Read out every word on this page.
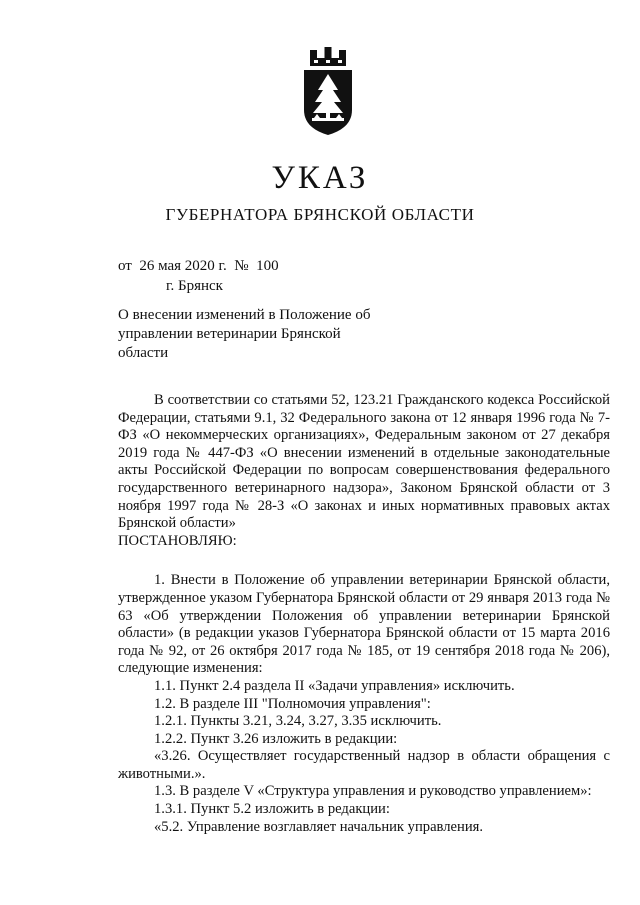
УКАЗ
ГУБЕРНАТОРА БРЯНСКОЙ ОБЛАСТИ
от 26 мая 2020 г. № 100
г. Брянск
О внесении изменений в Положение об управлении ветеринарии Брянской области

В соответствии со статьями 52, 123.21 Гражданского кодекса Российской Федерации, статьями 9.1, 32 Федерального закона от 12 января 1996 года № 7-ФЗ «О некоммерческих организациях», Федеральным законом от 27 декабря 2019 года № 447-ФЗ «О внесении изменений в отдельные законодательные акты Российской Федерации по вопросам совершенствования федерального государственного ветеринарного надзора», Законом Брянской области от 3 ноября 1997 года № 28-З «О законах и иных нормативных правовых актах Брянской области»

ПОСТАНОВЛЯЮ:

1. Внести в Положение об управлении ветеринарии Брянской области, утвержденное указом Губернатора Брянской области от 29 января 2013 года № 63 «Об утверждении Положения об управлении ветеринарии Брянской области» (в редакции указов Губернатора Брянской области от 15 марта 2016 года № 92, от 26 октября 2017 года № 185, от 19 сентября 2018 года № 206), следующие изменения:

1.1. Пункт 2.4 раздела II «Задачи управления» исключить.

1.2. В разделе III "Полномочия управления":

1.2.1. Пункты 3.21, 3.24, 3.27, 3.35 исключить.

1.2.2. Пункт 3.26 изложить в редакции:

«3.26. Осуществляет государственный надзор в области обращения с животными.».

1.3. В разделе V «Структура управления и руководство управлением»:

1.3.1. Пункт 5.2 изложить в редакции:

«5.2. Управление возглавляет начальник управления.
